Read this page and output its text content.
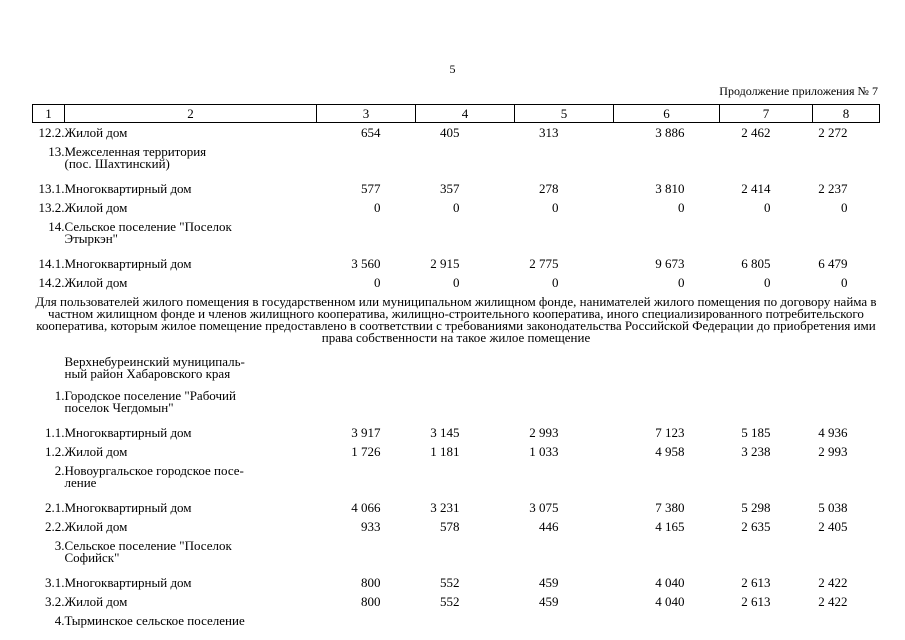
5
Продолжение приложения № 7
1	2	3	4	5	6	7	8
12.2.	Жилой дом	654	405	313	3 886	2 462	2 272
13.	Межселенная территория
(пос. Шахтинский)						

13.1.	Многоквартирный дом	577	357	278	3 810	2 414	2 237
13.2.	Жилой дом	0	0	0	0	0	0
14.	Сельское поселение "Поселок
Этыркэн"						

14.1.	Многоквартирный дом	3 560	2 915	2 775	9 673	6 805	6 479
14.2.	Жилой дом	0	0	0	0	0	0
Для пользователей жилого помещения в государственном или муниципальном жилищном фонде, нанимателей жилого помещения по договору найма в частном жилищном фонде и членов жилищного кооператива, жилищно-строительного кооператива, иного специализированного потребительского кооператива, которым жилое помещение предоставлено в соответствии с требованиями законодательства Российской Федерации до приобретения ими права собственности на такое жилое помещение							

	Верхнебуреинский муниципаль-
ный район Хабаровского края						

1.	Городское поселение "Рабочий
поселок Чегдомын"						

1.1.	Многоквартирный дом	3 917	3 145	2 993	7 123	5 185	4 936
1.2.	Жилой дом	1 726	1 181	1 033	4 958	3 238	2 993
2.	Новоургальское городское посе-
ление						

2.1.	Многоквартирный дом	4 066	3 231	3 075	7 380	5 298	5 038
2.2.	Жилой дом	933	578	446	4 165	2 635	2 405
3.	Сельское поселение "Поселок
Софийск"						

3.1.	Многоквартирный дом	800	552	459	4 040	2 613	2 422
3.2.	Жилой дом	800	552	459	4 040	2 613	2 422
4.	Тырминское сельское поселение						
